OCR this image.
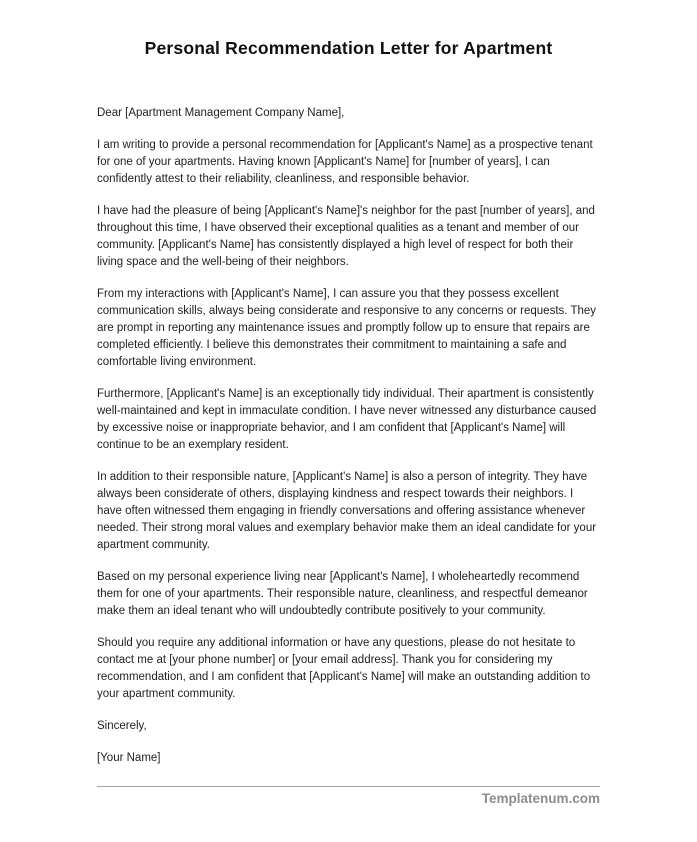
Personal Recommendation Letter for Apartment

Dear [Apartment Management Company Name],

I am writing to provide a personal recommendation for [Applicant's Name] as a prospective tenant for one of your apartments. Having known [Applicant's Name] for [number of years], I can confidently attest to their reliability, cleanliness, and responsible behavior.

I have had the pleasure of being [Applicant's Name]'s neighbor for the past [number of years], and throughout this time, I have observed their exceptional qualities as a tenant and member of our community. [Applicant's Name] has consistently displayed a high level of respect for both their living space and the well-being of their neighbors.

From my interactions with [Applicant's Name], I can assure you that they possess excellent communication skills, always being considerate and responsive to any concerns or requests. They are prompt in reporting any maintenance issues and promptly follow up to ensure that repairs are completed efficiently. I believe this demonstrates their commitment to maintaining a safe and comfortable living environment.

Furthermore, [Applicant's Name] is an exceptionally tidy individual. Their apartment is consistently well-maintained and kept in immaculate condition. I have never witnessed any disturbance caused by excessive noise or inappropriate behavior, and I am confident that [Applicant's Name] will continue to be an exemplary resident.

In addition to their responsible nature, [Applicant's Name] is also a person of integrity. They have always been considerate of others, displaying kindness and respect towards their neighbors. I have often witnessed them engaging in friendly conversations and offering assistance whenever needed. Their strong moral values and exemplary behavior make them an ideal candidate for your apartment community.

Based on my personal experience living near [Applicant's Name], I wholeheartedly recommend them for one of your apartments. Their responsible nature, cleanliness, and respectful demeanor make them an ideal tenant who will undoubtedly contribute positively to your community.

Should you require any additional information or have any questions, please do not hesitate to contact me at [your phone number] or [your email address]. Thank you for considering my recommendation, and I am confident that [Applicant's Name] will make an outstanding addition to your apartment community.

Sincerely,

[Your Name]

Templatenum.com
